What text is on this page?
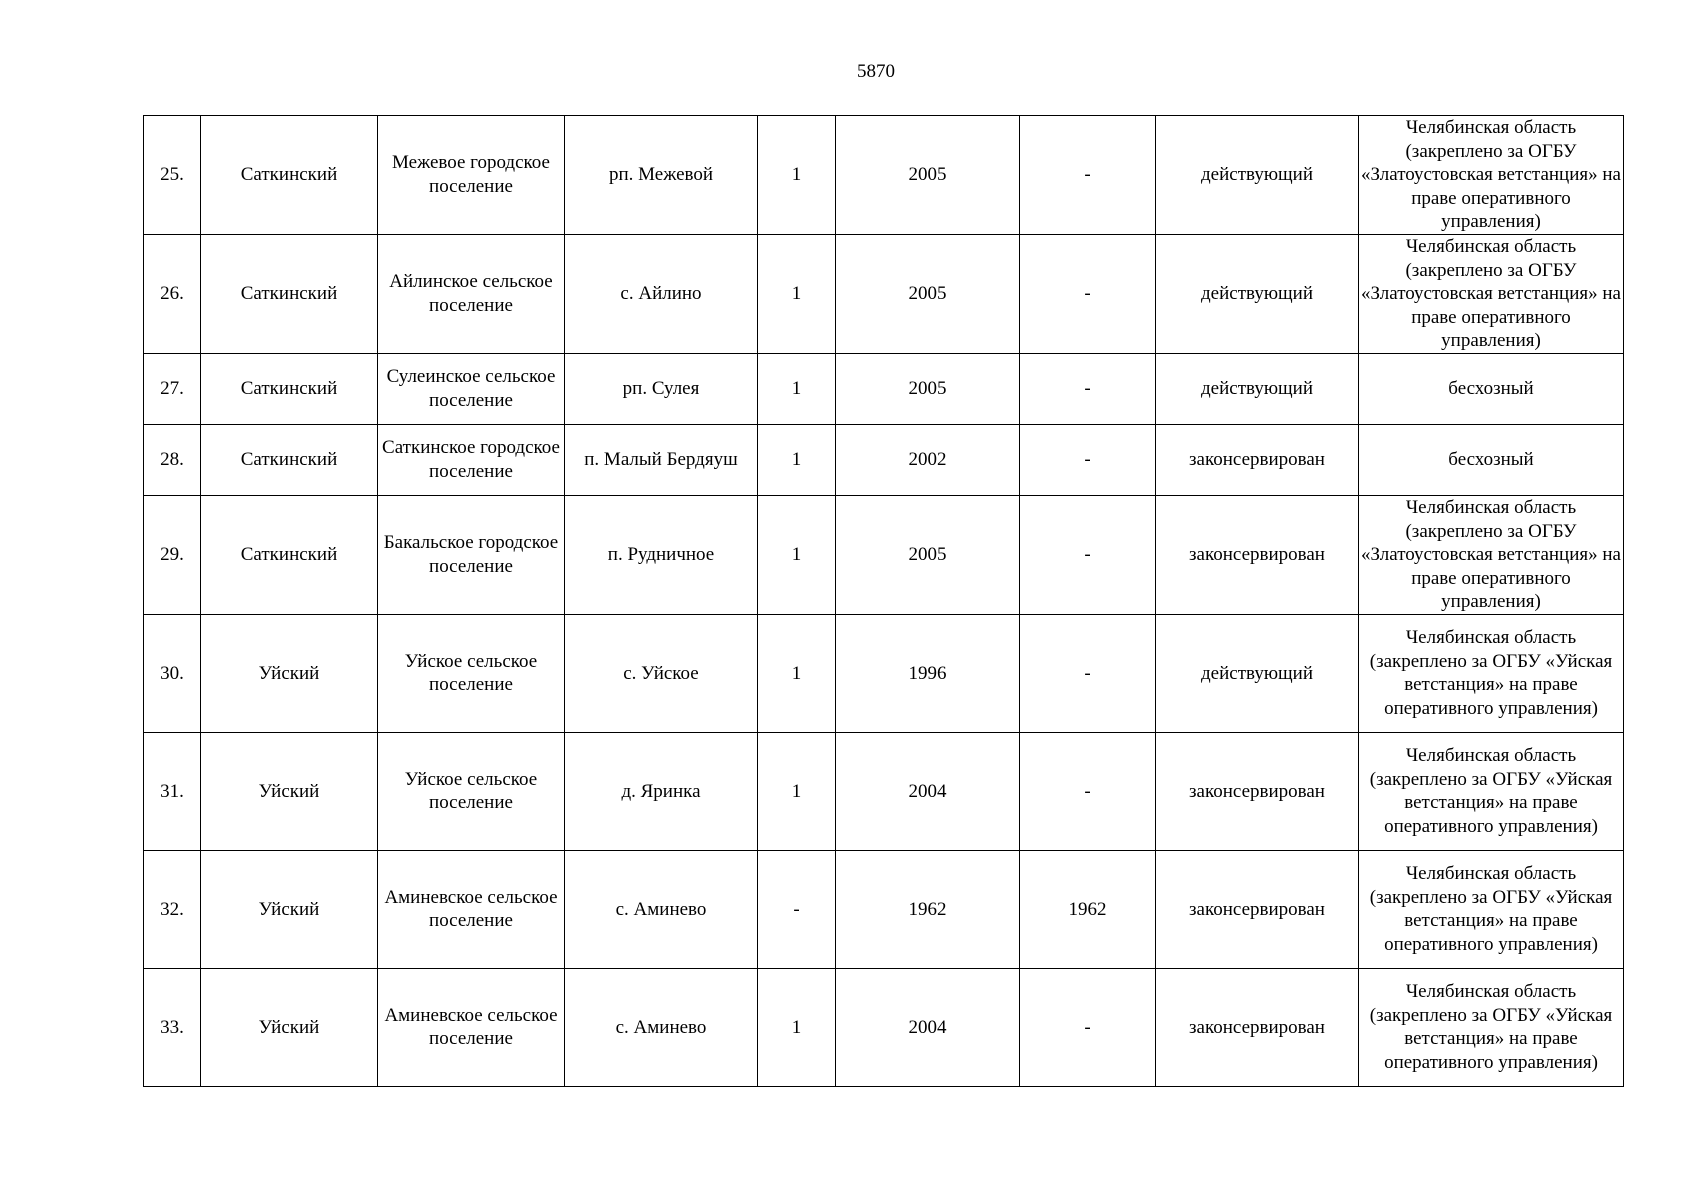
5870
25.	Саткинский	Межевое городское поселение	рп. Межевой	1	2005	-	действующий	Челябинская область (закреплено за ОГБУ «Златоустовская ветстанция» на праве оперативного управления)
26.	Саткинский	Айлинское сельское поселение	с. Айлино	1	2005	-	действующий	Челябинская область (закреплено за ОГБУ «Златоустовская ветстанция» на праве оперативного управления)
27.	Саткинский	Сулеинское сельское поселение	рп. Сулея	1	2005	-	действующий	бесхозный
28.	Саткинский	Саткинское городское поселение	п. Малый Бердяуш	1	2002	-	законсервирован	бесхозный
29.	Саткинский	Бакальское городское поселение	п. Рудничное	1	2005	-	законсервирован	Челябинская область (закреплено за ОГБУ «Златоустовская ветстанция» на праве оперативного управления)
30.	Уйский	Уйское сельское поселение	с. Уйское	1	1996	-	действующий	Челябинская область (закреплено за ОГБУ «Уйская ветстанция» на праве оперативного управления)
31.	Уйский	Уйское сельское поселение	д. Яринка	1	2004	-	законсервирован	Челябинская область (закреплено за ОГБУ «Уйская ветстанция» на праве оперативного управления)
32.	Уйский	Аминевское сельское поселение	с. Аминево	-	1962	1962	законсервирован	Челябинская область (закреплено за ОГБУ «Уйская ветстанция» на праве оперативного управления)
33.	Уйский	Аминевское сельское поселение	с. Аминево	1	2004	-	законсервирован	Челябинская область (закреплено за ОГБУ «Уйская ветстанция» на праве оперативного управления)
